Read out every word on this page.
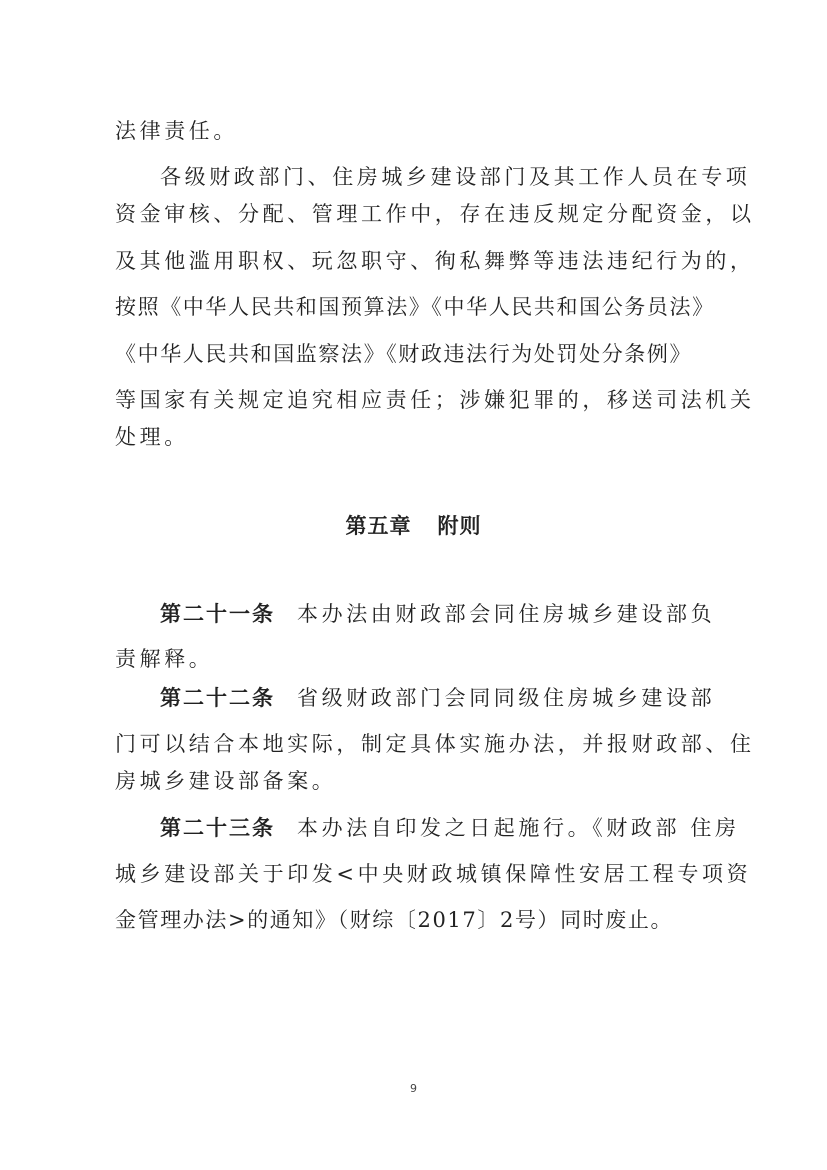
法律责任。
各级财政部门、住房城乡建设部门及其工作人员在专项
资金审核、分配、管理工作中，存在违反规定分配资金，以
及其他滥用职权、玩忽职守、徇私舞弊等违法违纪行为的，
按照《中华人民共和国预算法》《中华人民共和国公务员法》
《中华人民共和国监察法》《财政违法行为处罚处分条例》
等国家有关规定追究相应责任；涉嫌犯罪的，移送司法机关
处理。
第五章 附则
第二十一条 本办法由财政部会同住房城乡建设部负
责解释。
第二十二条 省级财政部门会同同级住房城乡建设部
门可以结合本地实际，制定具体实施办法，并报财政部、住
房城乡建设部备案。
第二十三条 本办法自印发之日起施行。《财政部 住房
城乡建设部关于印发<中央财政城镇保障性安居工程专项资
金管理办法>的通知》（财综〔2017〕2号）同时废止。
9
